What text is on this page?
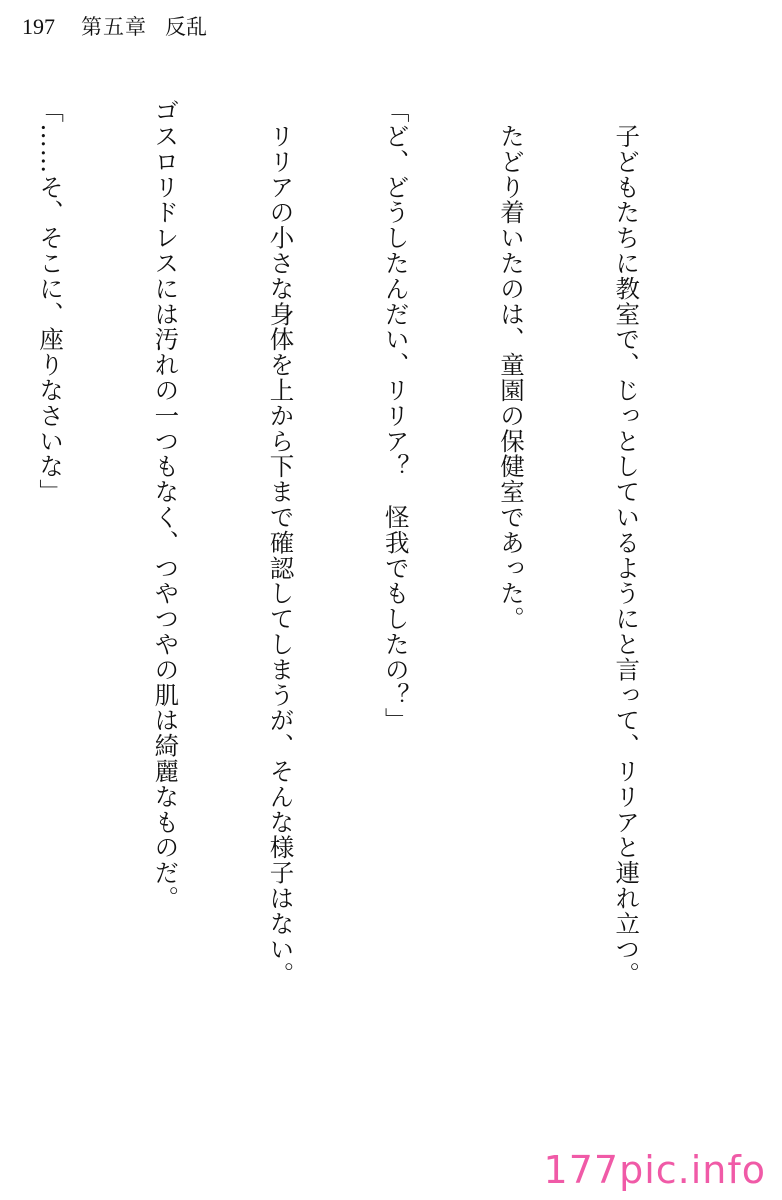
197 第五章 反乱

　子どもたちに教室で、じっとしているようにと言って、リリアと連れ立つ。

　たどり着いたのは、童園の保健室であった。

「ど、どうしたんだい、リリア？　怪我でもしたの？」

　リリアの小さな身体を上から下まで確認してしまうが、そんな様子はない。

ゴスロリドレスには汚れの一つもなく、つやつやの肌は綺麗なものだ。

「……そ、そこに、座りなさいな」

177pic.info
